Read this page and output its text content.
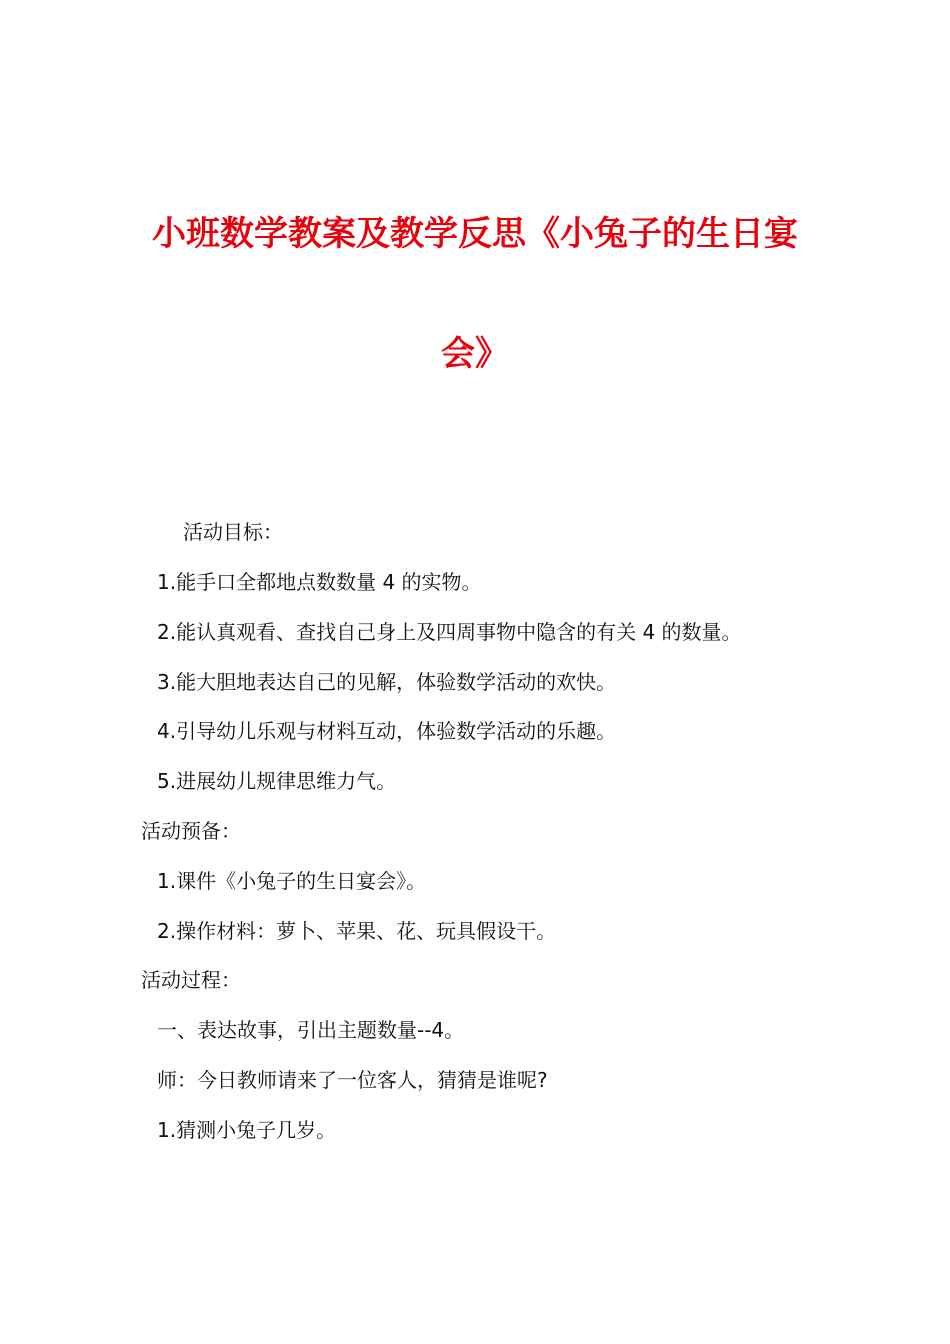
小班数学教案及教学反思《小兔子的生日宴
会》

活动目标：

1.能手口全都地点数数量 4 的实物。

2.能认真观看、查找自己身上及四周事物中隐含的有关 4 的数量。

3.能大胆地表达自己的见解，体验数学活动的欢快。

4.引导幼儿乐观与材料互动，体验数学活动的乐趣。

5.进展幼儿规律思维力气。

活动预备：

1.课件《小兔子的生日宴会》。

2.操作材料：萝卜、苹果、花、玩具假设干。

活动过程：

一、表达故事，引出主题数量--4。

师：今日教师请来了一位客人，猜猜是谁呢?

1.猜测小兔子几岁。
